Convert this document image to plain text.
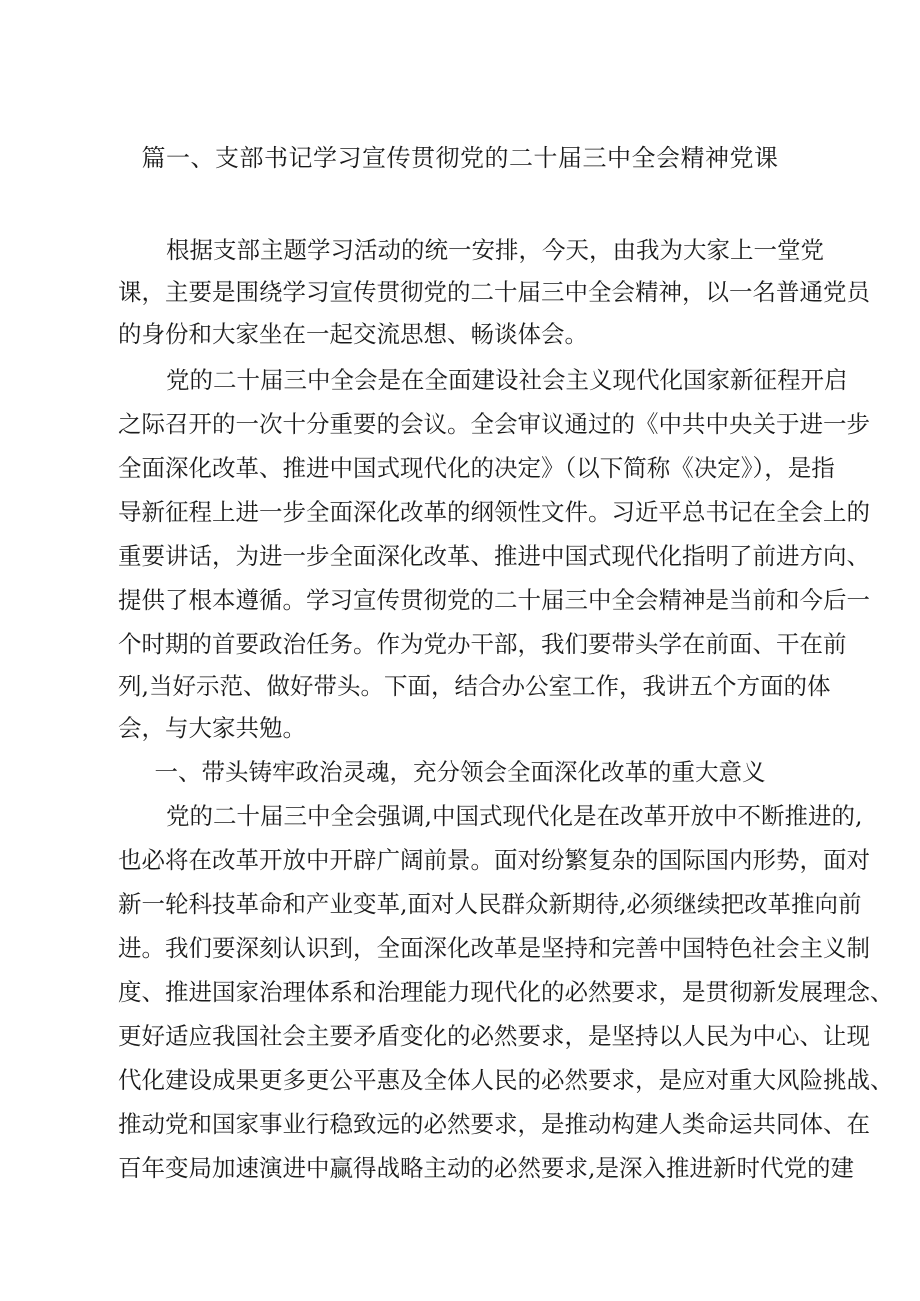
篇一、支部书记学习宣传贯彻党的二十届三中全会精神党课
根据支部主题学习活动的统一安排，今天，由我为大家上一堂党
课，主要是围绕学习宣传贯彻党的二十届三中全会精神，以一名普通党员
的身份和大家坐在一起交流思想、畅谈体会。
党的二十届三中全会是在全面建设社会主义现代化国家新征程开启
之际召开的一次十分重要的会议。全会审议通过的《中共中央关于进一步
全面深化改革、推进中国式现代化的决定》（以下简称《决定》），是指
导新征程上进一步全面深化改革的纲领性文件。习近平总书记在全会上的
重要讲话，为进一步全面深化改革、推进中国式现代化指明了前进方向、
提供了根本遵循。学习宣传贯彻党的二十届三中全会精神是当前和今后一
个时期的首要政治任务。作为党办干部，我们要带头学在前面、干在前
列,当好示范、做好带头。下面，结合办公室工作，我讲五个方面的体
会，与大家共勉。
一、带头铸牢政治灵魂，充分领会全面深化改革的重大意义
党的二十届三中全会强调,中国式现代化是在改革开放中不断推进的,
也必将在改革开放中开辟广阔前景。面对纷繁复杂的国际国内形势，面对
新一轮科技革命和产业变革,面对人民群众新期待,必须继续把改革推向前
进。我们要深刻认识到，全面深化改革是坚持和完善中国特色社会主义制
度、推进国家治理体系和治理能力现代化的必然要求，是贯彻新发展理念、
更好适应我国社会主要矛盾变化的必然要求，是坚持以人民为中心、让现
代化建设成果更多更公平惠及全体人民的必然要求，是应对重大风险挑战、
推动党和国家事业行稳致远的必然要求，是推动构建人类命运共同体、在
百年变局加速演进中赢得战略主动的必然要求,是深入推进新时代党的建
